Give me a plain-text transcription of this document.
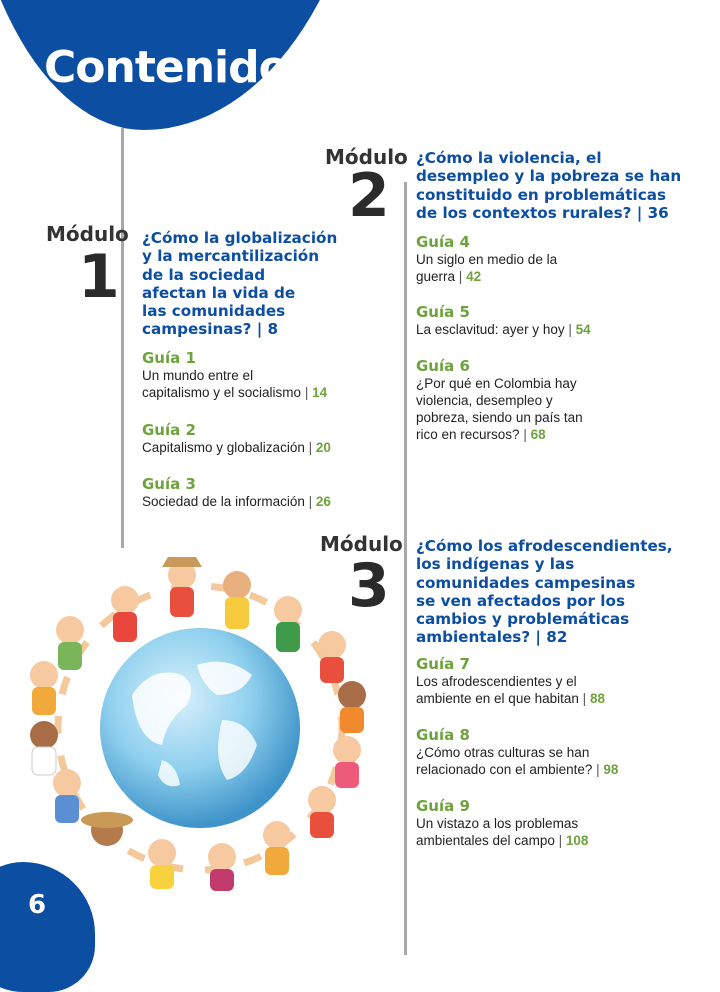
Contenido
Módulo
1
¿Cómo la globalización
y la mercantilización
de la sociedad
afectan la vida de
las comunidades
campesinas? | 8
Guía 1
Un mundo entre el
capitalismo y el socialismo | 14
Guía 2
Capitalismo y globalización | 20
Guía 3
Sociedad de la información | 26
Módulo
2
¿Cómo la violencia, el
desempleo y la pobreza se han
constituido en problemáticas
de los contextos rurales? | 36
Guía 4
Un siglo en medio de la
guerra | 42
Guía 5
La esclavitud: ayer y hoy | 54
Guía 6
¿Por qué en Colombia hay
violencia, desempleo y
pobreza, siendo un país tan
rico en recursos? | 68
Módulo
3
¿Cómo los afrodescendientes,
los indígenas y las
comunidades campesinas
se ven afectados por los
cambios y problemáticas
ambientales? | 82
Guía 7
Los afrodescendientes y el
ambiente en el que habitan | 88
Guía 8
¿Cómo otras culturas se han
relacionado con el ambiente? | 98
Guía 9
Un vistazo a los problemas
ambientales del campo | 108
6
